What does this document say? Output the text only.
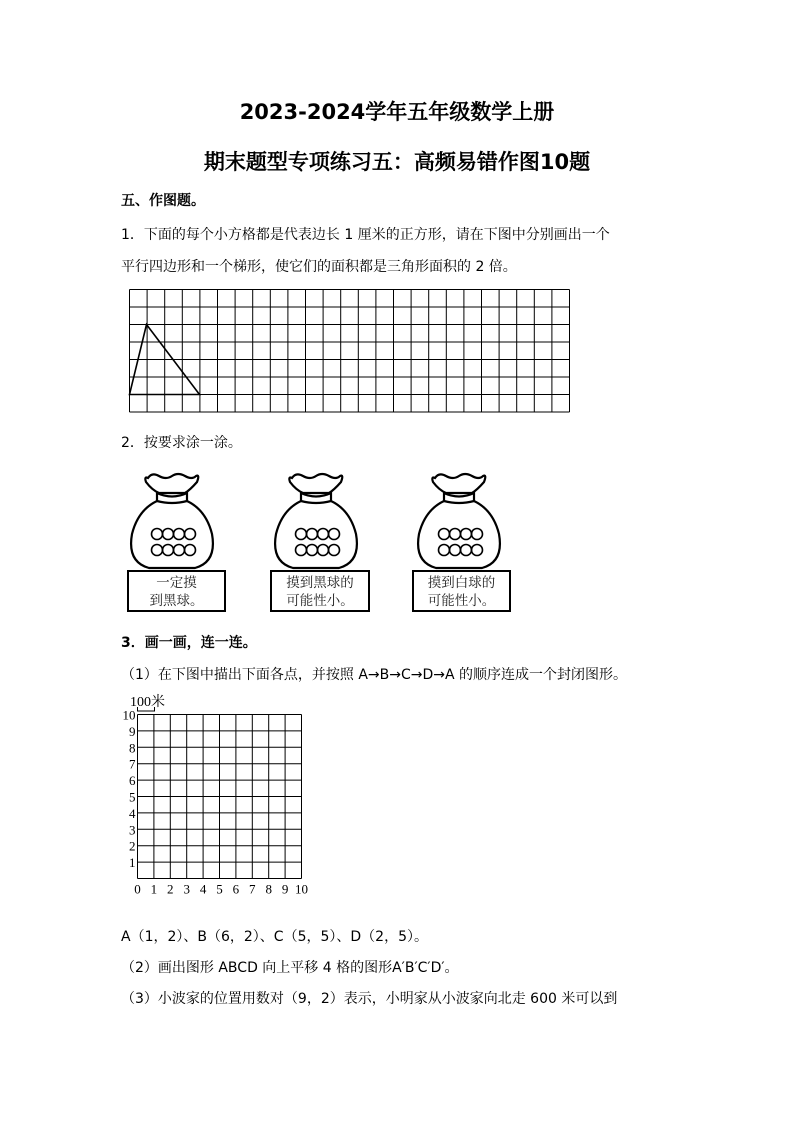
2023-2024学年五年级数学上册
期末题型专项练习五：高频易错作图10题
五、作图题。
1．下面的每个小方格都是代表边长 1 厘米的正方形，请在下图中分别画出一个
平行四边形和一个梯形，使它们的面积都是三角形面积的 2 倍。
2．按要求涂一涂。
一定摸
到黑球。
摸到黑球的
可能性小。
摸到白球的
可能性小。
3．画一画，连一连。
（1）在下图中描出下面各点，并按照 A→B→C→D→A 的顺序连成一个封闭图形。
100米
10
9
8
7
6
5
4
3
2
1
0 1 2 3 4 5 6 7 8 9 10
A（1，2）、B（6，2）、C（5，5）、D（2，5）。
（2）画出图形 ABCD 向上平移 4 格的图形A′B′C′D′。
（3）小波家的位置用数对（9，2）表示，小明家从小波家向北走 600 米可以到
